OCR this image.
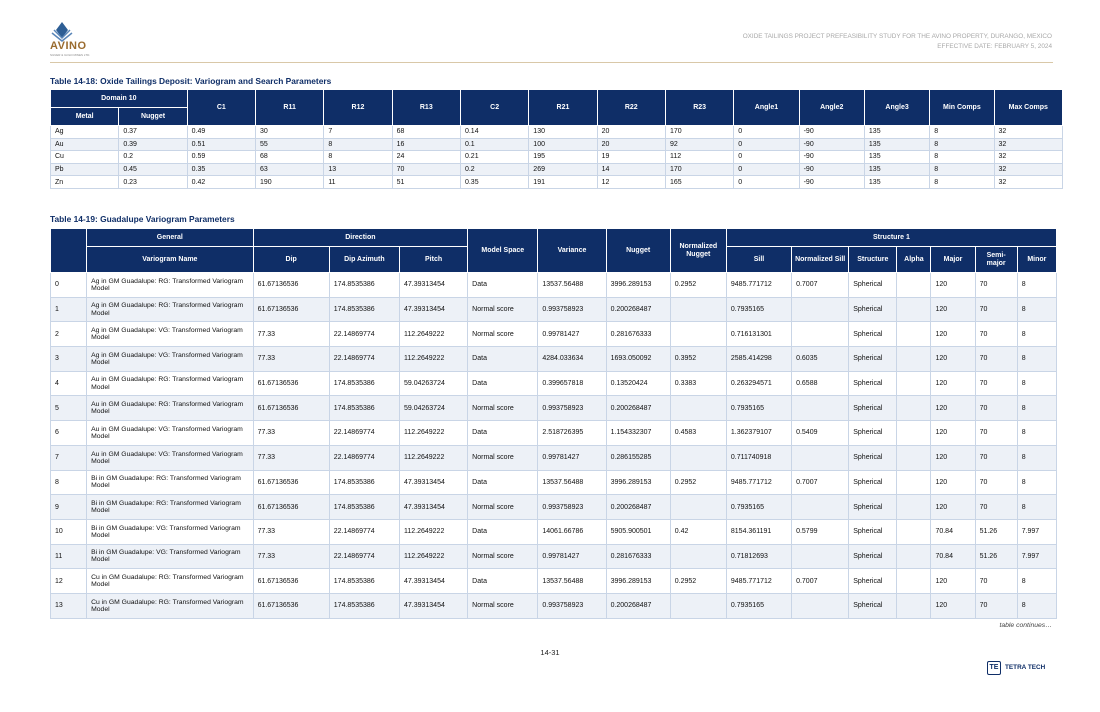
AVINO
SILVER & GOLD MINES LTD.
OXIDE TAILINGS PROJECT PREFEASIBILITY STUDY FOR THE AVINO PROPERTY, DURANGO, MEXICO
EFFECTIVE DATE: FEBRUARY 5, 2024
Table 14-18: Oxide Tailings Deposit: Variogram and Search Parameters
Domain 10		C1	R11	R12	R13	C2	R21	R22	R23	Angle1	Angle2	Angle3	Min Comps	Max Comps
Metal	Nugget													
Ag	0.37	0.49	30	7	68	0.14	130	20	170	0	-90	135	8	32
Au	0.39	0.51	55	8	16	0.1	100	20	92	0	-90	135	8	32
Cu	0.2	0.59	68	8	24	0.21	195	19	112	0	-90	135	8	32
Pb	0.45	0.35	63	13	70	0.2	269	14	170	0	-90	135	8	32
Zn	0.23	0.42	190	11	51	0.35	191	12	165	0	-90	135	8	32
Table 14-19: Guadalupe Variogram Parameters
	General	Direction			Model Space	Variance	Nugget	Normalized Nugget	Structure 1						
	Variogram Name	Dip	Dip Azimuth	Pitch					Sill	Normalized Sill	Structure	Alpha	Major	Semi-major	Minor
0	Ag in GM Guadalupe: RG: Transformed Variogram Model	61.67136536	174.8535386	47.39313454	Data	13537.56488	3996.289153	0.2952	9485.771712	0.7007	Spherical		120	70	8
1	Ag in GM Guadalupe: RG: Transformed Variogram Model	61.67136536	174.8535386	47.39313454	Normal score	0.993758923	0.200268487		0.7935165		Spherical		120	70	8
2	Ag in GM Guadalupe: VG: Transformed Variogram Model	77.33	22.14869774	112.2649222	Normal score	0.99781427	0.281676333		0.716131301		Spherical		120	70	8
3	Ag in GM Guadalupe: VG: Transformed Variogram Model	77.33	22.14869774	112.2649222	Data	4284.033634	1693.050092	0.3952	2585.414298	0.6035	Spherical		120	70	8
4	Au in GM Guadalupe: RG: Transformed Variogram Model	61.67136536	174.8535386	59.04263724	Data	0.399657818	0.13520424	0.3383	0.263294571	0.6588	Spherical		120	70	8
5	Au in GM Guadalupe: RG: Transformed Variogram Model	61.67136536	174.8535386	59.04263724	Normal score	0.993758923	0.200268487		0.7935165		Spherical		120	70	8
6	Au in GM Guadalupe: VG: Transformed Variogram Model	77.33	22.14869774	112.2649222	Data	2.518726395	1.154332307	0.4583	1.362379107	0.5409	Spherical		120	70	8
7	Au in GM Guadalupe: VG: Transformed Variogram Model	77.33	22.14869774	112.2649222	Normal score	0.99781427	0.286155285		0.711740918		Spherical		120	70	8
8	Bi in GM Guadalupe: RG: Transformed Variogram Model	61.67136536	174.8535386	47.39313454	Data	13537.56488	3996.289153	0.2952	9485.771712	0.7007	Spherical		120	70	8
9	Bi in GM Guadalupe: RG: Transformed Variogram Model	61.67136536	174.8535386	47.39313454	Normal score	0.993758923	0.200268487		0.7935165		Spherical		120	70	8
10	Bi in GM Guadalupe: VG: Transformed Variogram Model	77.33	22.14869774	112.2649222	Data	14061.66786	5905.900501	0.42	8154.361191	0.5799	Spherical		70.84	51.26	7.997
11	Bi in GM Guadalupe: VG: Transformed Variogram Model	77.33	22.14869774	112.2649222	Normal score	0.99781427	0.281676333		0.71812693		Spherical		70.84	51.26	7.997
12	Cu in GM Guadalupe: RG: Transformed Variogram Model	61.67136536	174.8535386	47.39313454	Data	13537.56488	3996.289153	0.2952	9485.771712	0.7007	Spherical		120	70	8
13	Cu in GM Guadalupe: RG: Transformed Variogram Model	61.67136536	174.8535386	47.39313454	Normal score	0.993758923	0.200268487		0.7935165		Spherical		120	70	8
table continues…
14-31
TE	TETRA TECH
